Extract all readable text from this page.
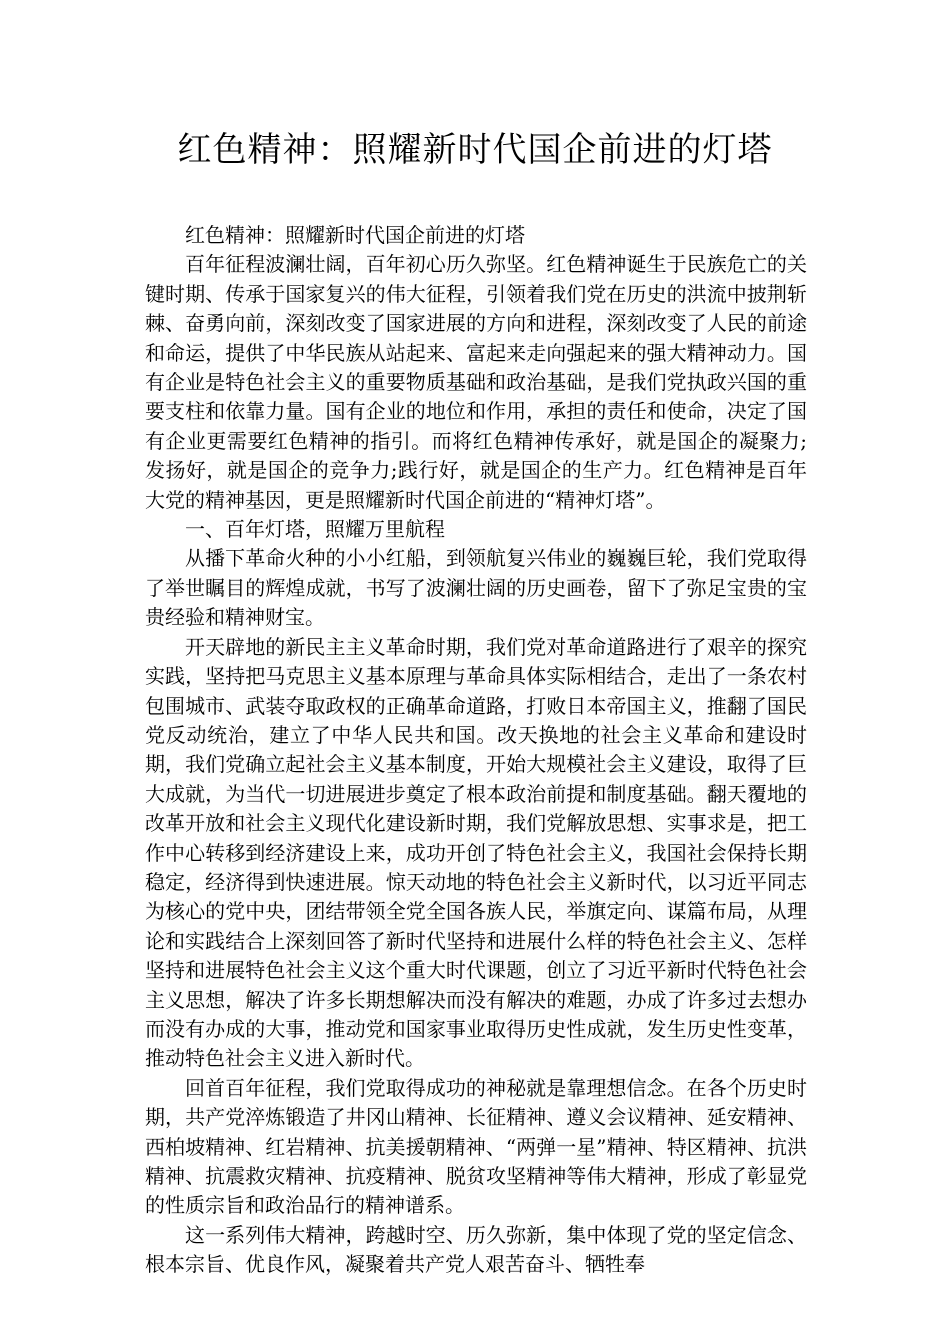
红色精神：照耀新时代国企前进的灯塔

红色精神：照耀新时代国企前进的灯塔

百年征程波澜壮阔，百年初心历久弥坚。红色精神诞生于民族危亡的关键时期、传承于国家复兴的伟大征程，引领着我们党在历史的洪流中披荆斩棘、奋勇向前，深刻改变了国家进展的方向和进程，深刻改变了人民的前途和命运，提供了中华民族从站起来、富起来走向强起来的强大精神动力。国有企业是特色社会主义的重要物质基础和政治基础，是我们党执政兴国的重要支柱和依靠力量。国有企业的地位和作用，承担的责任和使命，决定了国有企业更需要红色精神的指引。而将红色精神传承好，就是国企的凝聚力;发扬好，就是国企的竞争力;践行好，就是国企的生产力。红色精神是百年大党的精神基因，更是照耀新时代国企前进的“精神灯塔”。

一、百年灯塔，照耀万里航程

从播下革命火种的小小红船，到领航复兴伟业的巍巍巨轮，我们党取得了举世瞩目的辉煌成就，书写了波澜壮阔的历史画卷，留下了弥足宝贵的宝贵经验和精神财宝。

开天辟地的新民主主义革命时期，我们党对革命道路进行了艰辛的探究实践，坚持把马克思主义基本原理与革命具体实际相结合，走出了一条农村包围城市、武装夺取政权的正确革命道路，打败日本帝国主义，推翻了国民党反动统治，建立了中华人民共和国。改天换地的社会主义革命和建设时期，我们党确立起社会主义基本制度，开始大规模社会主义建设，取得了巨大成就，为当代一切进展进步奠定了根本政治前提和制度基础。翻天覆地的改革开放和社会主义现代化建设新时期，我们党解放思想、实事求是，把工作中心转移到经济建设上来，成功开创了特色社会主义，我国社会保持长期稳定，经济得到快速进展。惊天动地的特色社会主义新时代，以习近平同志为核心的党中央，团结带领全党全国各族人民，举旗定向、谋篇布局，从理论和实践结合上深刻回答了新时代坚持和进展什么样的特色社会主义、怎样坚持和进展特色社会主义这个重大时代课题，创立了习近平新时代特色社会主义思想，解决了许多长期想解决而没有解决的难题，办成了许多过去想办而没有办成的大事，推动党和国家事业取得历史性成就，发生历史性变革，推动特色社会主义进入新时代。

回首百年征程，我们党取得成功的神秘就是靠理想信念。在各个历史时期，共产党淬炼锻造了井冈山精神、长征精神、遵义会议精神、延安精神、西柏坡精神、红岩精神、抗美援朝精神、“两弹一星”精神、特区精神、抗洪精神、抗震救灾精神、抗疫精神、脱贫攻坚精神等伟大精神，形成了彰显党的性质宗旨和政治品行的精神谱系。

这一系列伟大精神，跨越时空、历久弥新，集中体现了党的坚定信念、根本宗旨、优良作风，凝聚着共产党人艰苦奋斗、牺牲奉
